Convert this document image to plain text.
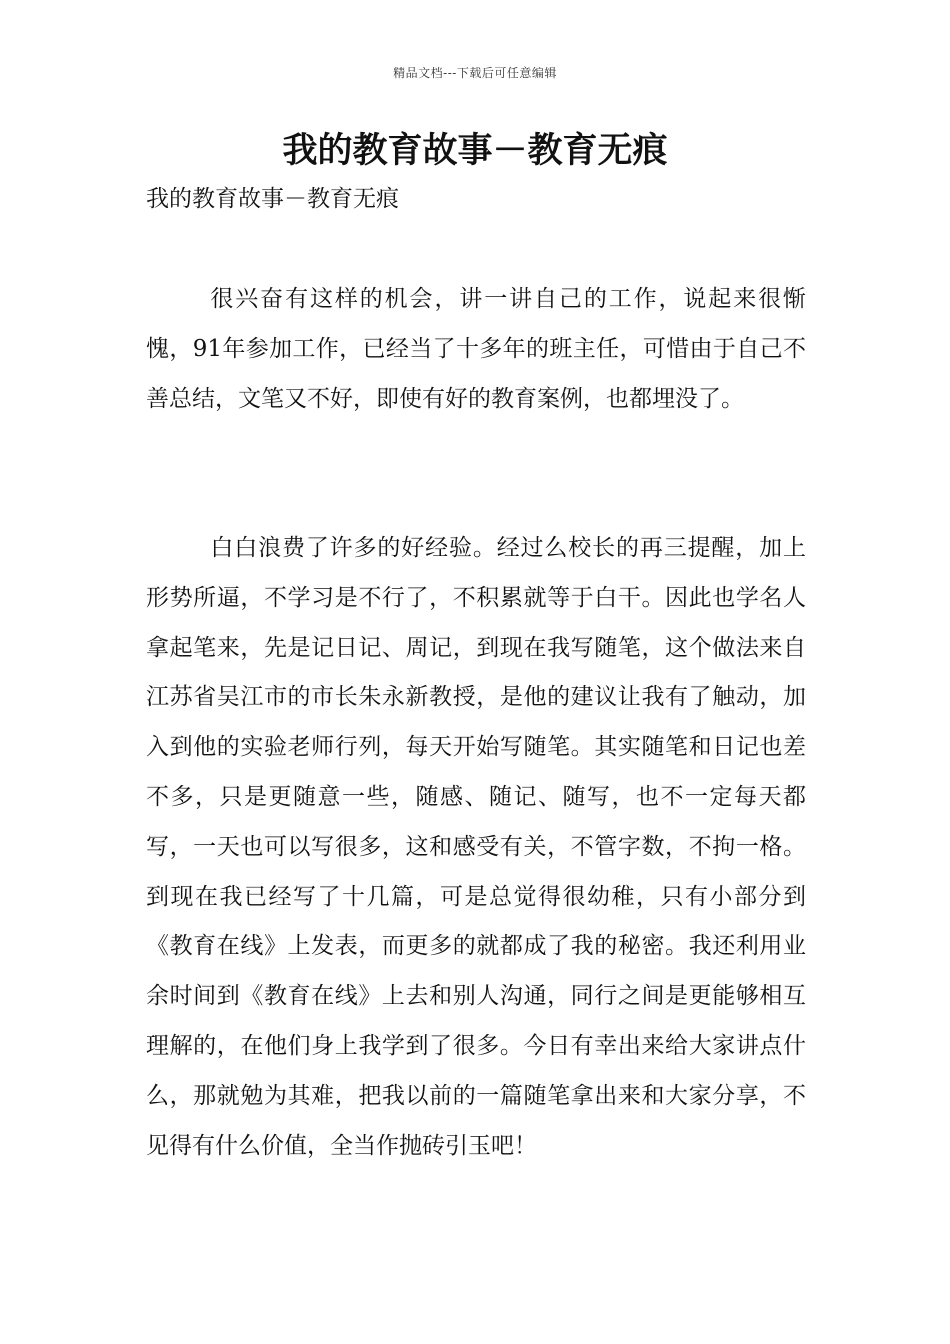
精品文档---下载后可任意编辑
我的教育故事－教育无痕

我的教育故事－教育无痕

很兴奋有这样的机会，讲一讲自己的工作，说起来很惭愧，91年参加工作，已经当了十多年的班主任，可惜由于自己不善总结，文笔又不好，即使有好的教育案例，也都埋没了。

白白浪费了许多的好经验。经过么校长的再三提醒，加上形势所逼，不学习是不行了，不积累就等于白干。因此也学名人拿起笔来，先是记日记、周记，到现在我写随笔，这个做法来自江苏省吴江市的市长朱永新教授，是他的建议让我有了触动，加入到他的实验老师行列，每天开始写随笔。其实随笔和日记也差不多，只是更随意一些，随感、随记、随写，也不一定每天都写，一天也可以写很多，这和感受有关，不管字数，不拘一格。到现在我已经写了十几篇，可是总觉得很幼稚，只有小部分到《教育在线》上发表，而更多的就都成了我的秘密。我还利用业余时间到《教育在线》上去和别人沟通，同行之间是更能够相互理解的，在他们身上我学到了很多。今日有幸出来给大家讲点什么，那就勉为其难，把我以前的一篇随笔拿出来和大家分享，不见得有什么价值，全当作抛砖引玉吧！
